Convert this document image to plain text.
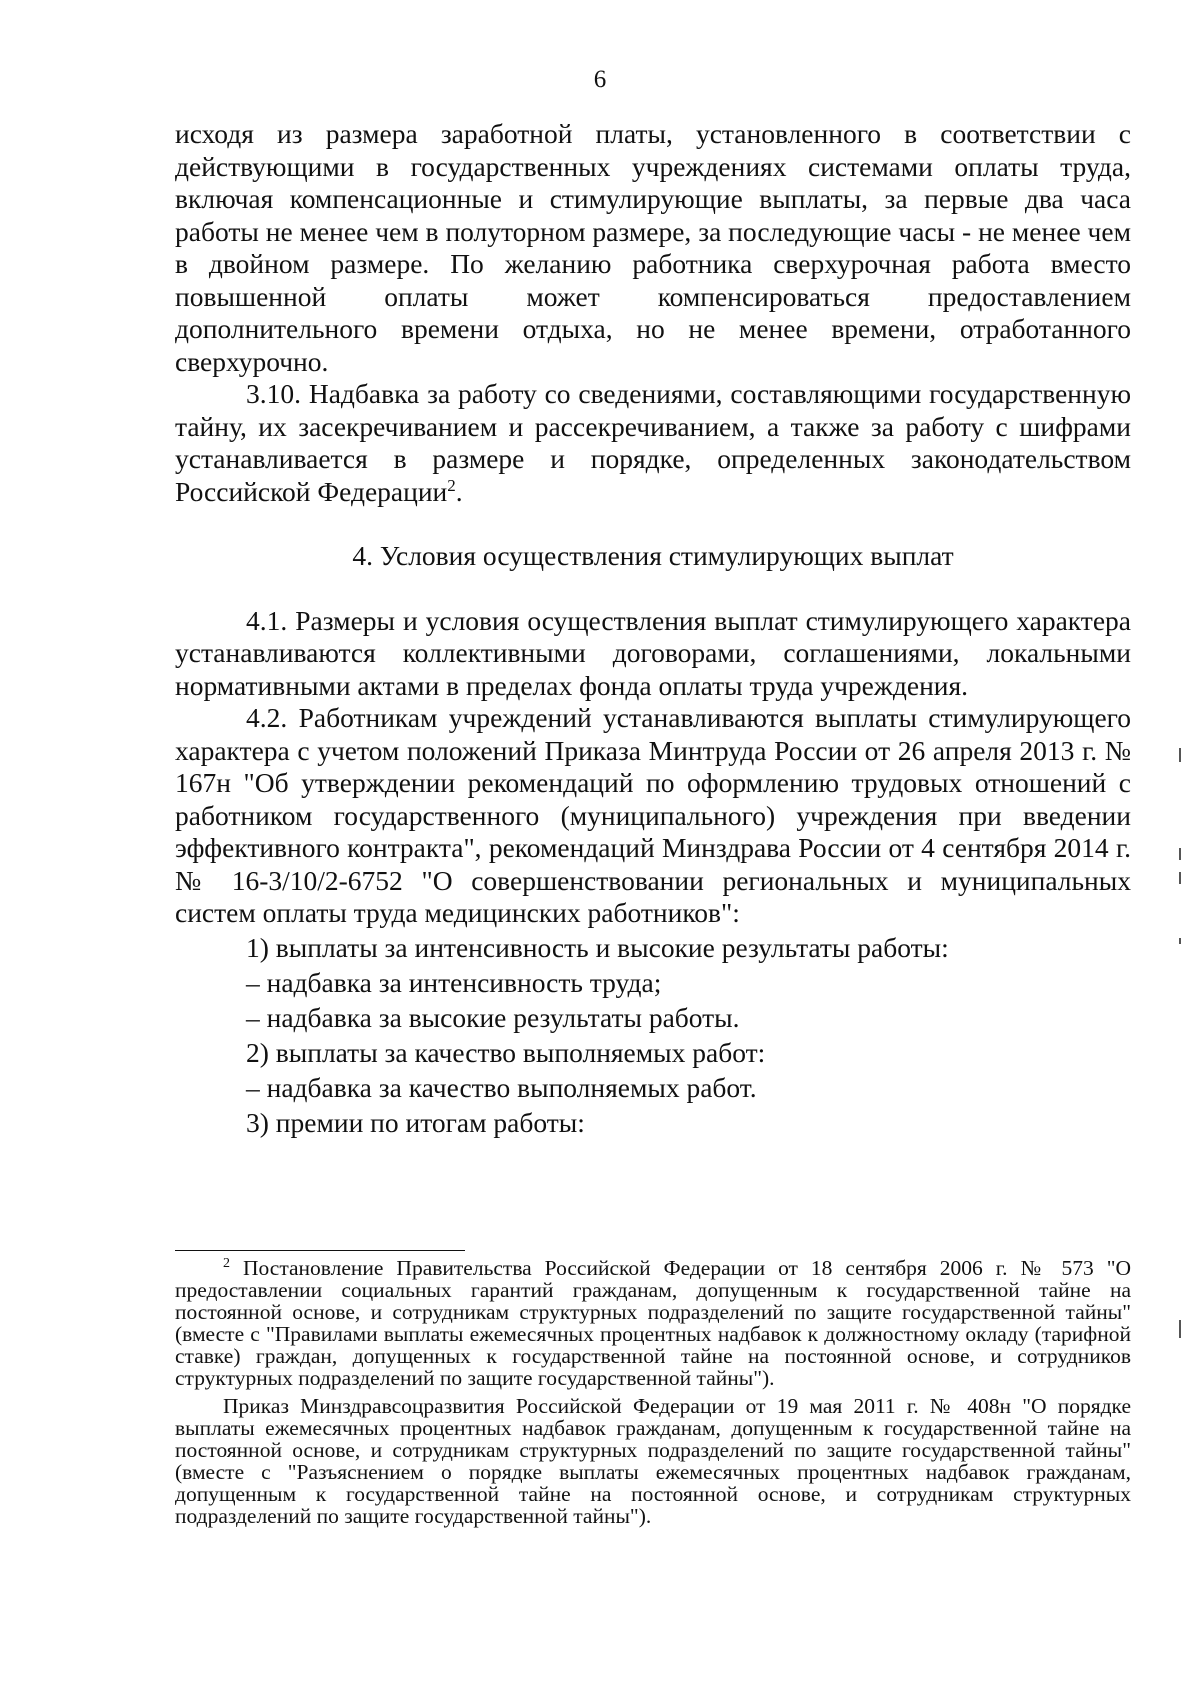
6

исходя из размера заработной платы, установленного в соответствии с действующими в государственных учреждениях системами оплаты труда, включая компенсационные и стимулирующие выплаты, за первые два часа работы не менее чем в полуторном размере, за последующие часы - не менее чем в двойном размере. По желанию работника сверхурочная работа вместо повышенной оплаты может компенсироваться предоставлением дополнительного времени отдыха, но не менее времени, отработанного сверхурочно.

3.10. Надбавка за работу со сведениями, составляющими государственную тайну, их засекречиванием и рассекречиванием, а также за работу с шифрами устанавливается в размере и порядке, определенных законодательством Российской Федерации$^2$.

4. Условия осуществления стимулирующих выплат

4.1. Размеры и условия осуществления выплат стимулирующего характера устанавливаются коллективными договорами, соглашениями, локальными нормативными актами в пределах фонда оплаты труда учреждения.

4.2. Работникам учреждений устанавливаются выплаты стимулирующего характера с учетом положений Приказа Минтруда России от 26 апреля 2013 г. № 167н "Об утверждении рекомендаций по оформлению трудовых отношений с работником государственного (муниципального) учреждения при введении эффективного контракта", рекомендаций Минздрава России от 4 сентября 2014 г. № 16-3/10/2-6752 "О совершенствовании региональных и муниципальных систем оплаты труда медицинских работников":

1) выплаты за интенсивность и высокие результаты работы:

– надбавка за интенсивность труда;

– надбавка за высокие результаты работы.

2) выплаты за качество выполняемых работ:

– надбавка за качество выполняемых работ.

3) премии по итогам работы:

$^2$ Постановление Правительства Российской Федерации от 18 сентября 2006 г. № 573 "О предоставлении социальных гарантий гражданам, допущенным к государственной тайне на постоянной основе, и сотрудникам структурных подразделений по защите государственной тайны" (вместе с "Правилами выплаты ежемесячных процентных надбавок к должностному окладу (тарифной ставке) граждан, допущенных к государственной тайне на постоянной основе, и сотрудников структурных подразделений по защите государственной тайны").

Приказ Минздравсоцразвития Российской Федерации от 19 мая 2011 г. № 408н "О порядке выплаты ежемесячных процентных надбавок гражданам, допущенным к государственной тайне на постоянной основе, и сотрудникам структурных подразделений по защите государственной тайны" (вместе с "Разъяснением о порядке выплаты ежемесячных процентных надбавок гражданам, допущенным к государственной тайне на постоянной основе, и сотрудникам структурных подразделений по защите государственной тайны").
